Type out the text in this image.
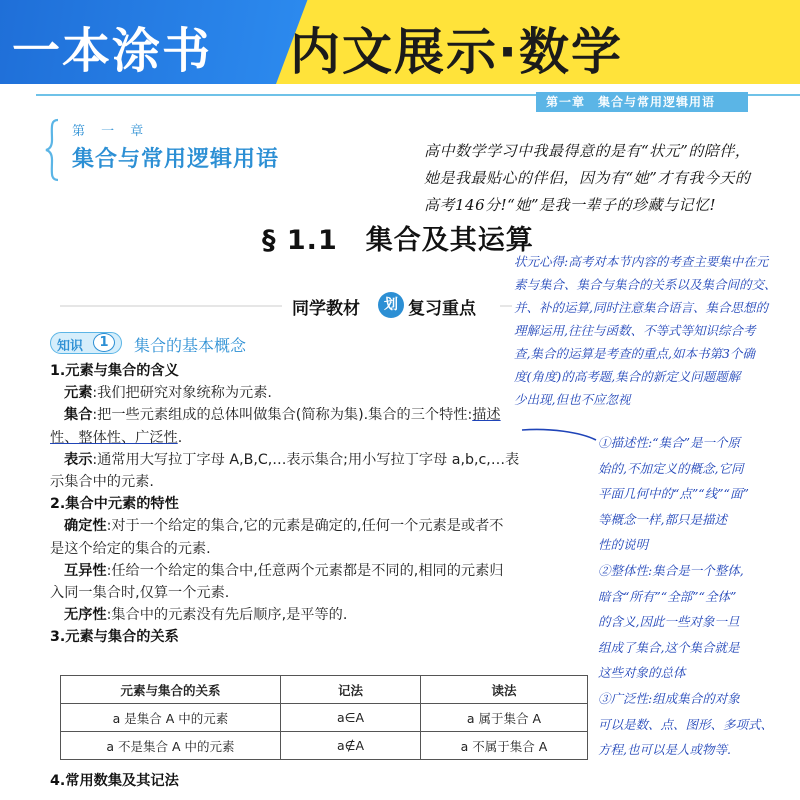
一本涂书 内文展示·数学
第一章　集合与常用逻辑用语
第 一 章
集合与常用逻辑用语	高中数学学习中我最得意的是有“状元”的陪伴，
她是我最贴心的伴侣，因为有“她”才有我今天的
高考146分!“她”是我一辈子的珍藏与记忆!
§ 1.1　集合及其运算
状元心得:高考对本节内容的考查主要集中在元
素与集合、集合与集合的关系以及集合间的交、
并、补的运算,同时注意集合语言、集合思想的
理解运用,往往与函数、不等式等知识综合考
查,集合的运算是考查的重点,如本书第3个确
度(角度)的高考题,集合的新定义问题题解
少出现,但也不应忽视
同学教材	划 复习重点
知识	1	集合的基本概念
1.元素与集合的含义
元素:我们把研究对象统称为元素.
集合:把一些元素组成的总体叫做集合(简称为集).集合的三个特性:描述
性、整体性、广泛性.
表示:通常用大写拉丁字母 A,B,C,…表示集合;用小写拉丁字母 a,b,c,…表
示集合中的元素.
2.集合中元素的特性
确定性:对于一个给定的集合,它的元素是确定的,任何一个元素是或者不
是这个给定的集合的元素.
互异性:任给一个给定的集合中,任意两个元素都是不同的,相同的元素归
入同一集合时,仅算一个元素.
无序性:集合中的元素没有先后顺序,是平等的.
3.元素与集合的关系
元素与集合的关系	记法	读法
a 是集合 A 中的元素	a∈A	a 属于集合 A
a 不是集合 A 中的元素	a∉A	a 不属于集合 A
4.常用数集及其记法
①描述性:“集合”是一个原
始的,不加定义的概念,它同
平面几何中的“点”“线”“面”
等概念一样,都只是描述
性的说明
②整体性:集合是一个整体,
暗含“所有”“全部”“全体”
的含义,因此一些对象一旦
组成了集合,这个集合就是
这些对象的总体
③广泛性:组成集合的对象
可以是数、点、图形、多项式、
方程,也可以是人或物等.
